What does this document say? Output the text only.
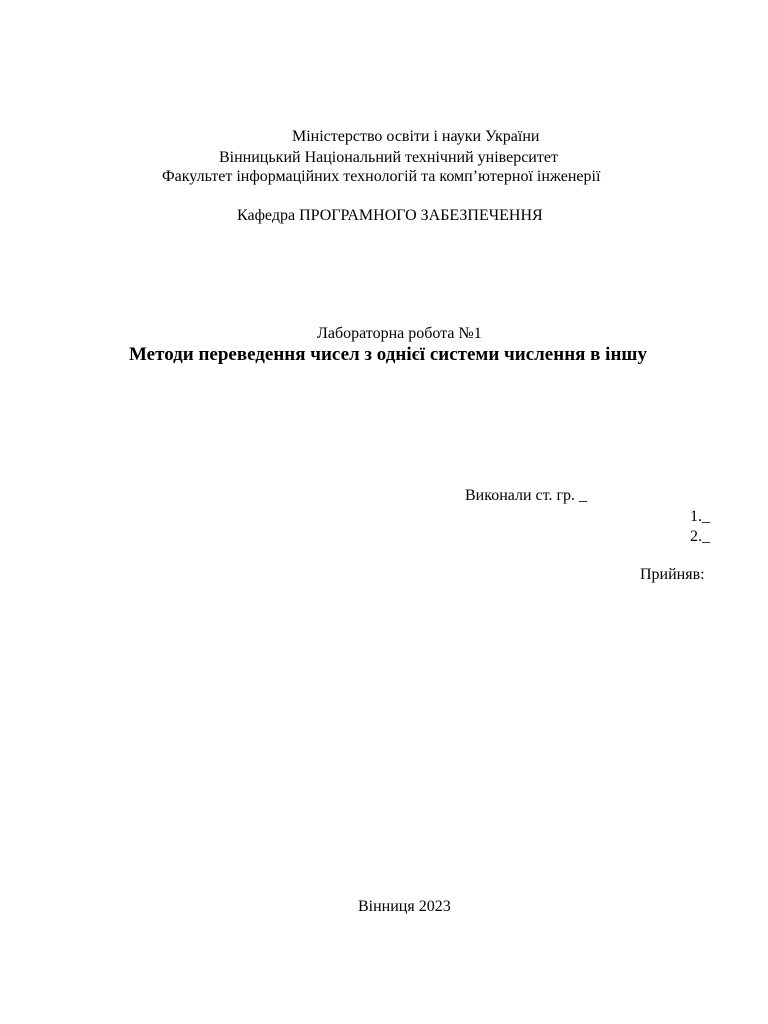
Міністерство освіти і науки України
Вінницький Національний технічний університет
Факультет інформаційних технологій та комп’ютерної інженерії
Кафедра ПРОГРАМНОГО ЗАБЕЗПЕЧЕННЯ
Лабораторна робота №1
Методи переведення чисел з однієї системи числення в іншу
Виконали ст. гр. _
1._
2._
Прийняв:
Вінниця 2023
